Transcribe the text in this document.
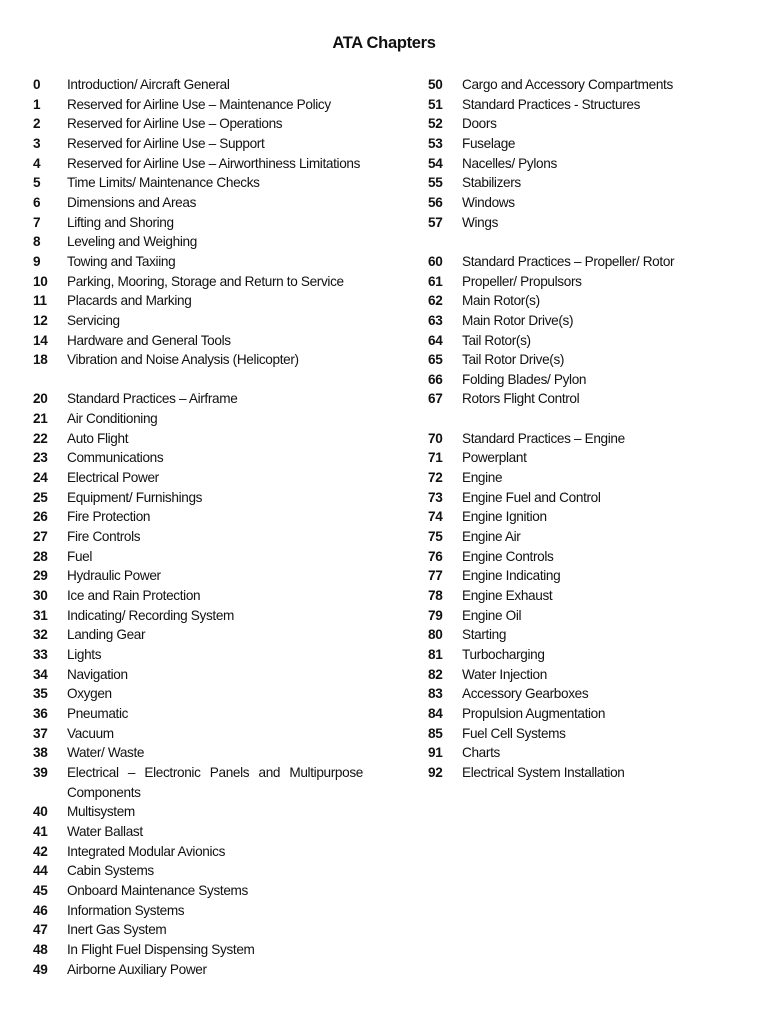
ATA Chapters
0	Introduction/ Aircraft General
1	Reserved for Airline Use – Maintenance Policy
2	Reserved for Airline Use – Operations
3	Reserved for Airline Use – Support
4	Reserved for Airline Use – Airworthiness Limitations
5	Time Limits/ Maintenance Checks
6	Dimensions and Areas
7	Lifting and Shoring
8	Leveling and Weighing
9	Towing and Taxiing
10	Parking, Mooring, Storage and Return to Service
11	Placards and Marking
12	Servicing
14	Hardware and General Tools
18	Vibration and Noise Analysis (Helicopter)
20	Standard Practices – Airframe
21	Air Conditioning
22	Auto Flight
23	Communications
24	Electrical Power
25	Equipment/ Furnishings
26	Fire Protection
27	Fire Controls
28	Fuel
29	Hydraulic Power
30	Ice and Rain Protection
31	Indicating/ Recording System
32	Landing Gear
33	Lights
34	Navigation
35	Oxygen
36	Pneumatic
37	Vacuum
38	Water/ Waste
39	Electrical – Electronic Panels and Multipurpose Components
40	Multisystem
41	Water Ballast
42	Integrated Modular Avionics
44	Cabin Systems
45	Onboard Maintenance Systems
46	Information Systems
47	Inert Gas System
48	In Flight Fuel Dispensing System
49	Airborne Auxiliary Power
50	Cargo and Accessory Compartments
51	Standard Practices - Structures
52	Doors
53	Fuselage
54	Nacelles/ Pylons
55	Stabilizers
56	Windows
57	Wings
60	Standard Practices – Propeller/ Rotor
61	Propeller/ Propulsors
62	Main Rotor(s)
63	Main Rotor Drive(s)
64	Tail Rotor(s)
65	Tail Rotor Drive(s)
66	Folding Blades/ Pylon
67	Rotors Flight Control
70	Standard Practices – Engine
71	Powerplant
72	Engine
73	Engine Fuel and Control
74	Engine Ignition
75	Engine Air
76	Engine Controls
77	Engine Indicating
78	Engine Exhaust
79	Engine Oil
80	Starting
81	Turbocharging
82	Water Injection
83	Accessory Gearboxes
84	Propulsion Augmentation
85	Fuel Cell Systems
91	Charts
92	Electrical System Installation
